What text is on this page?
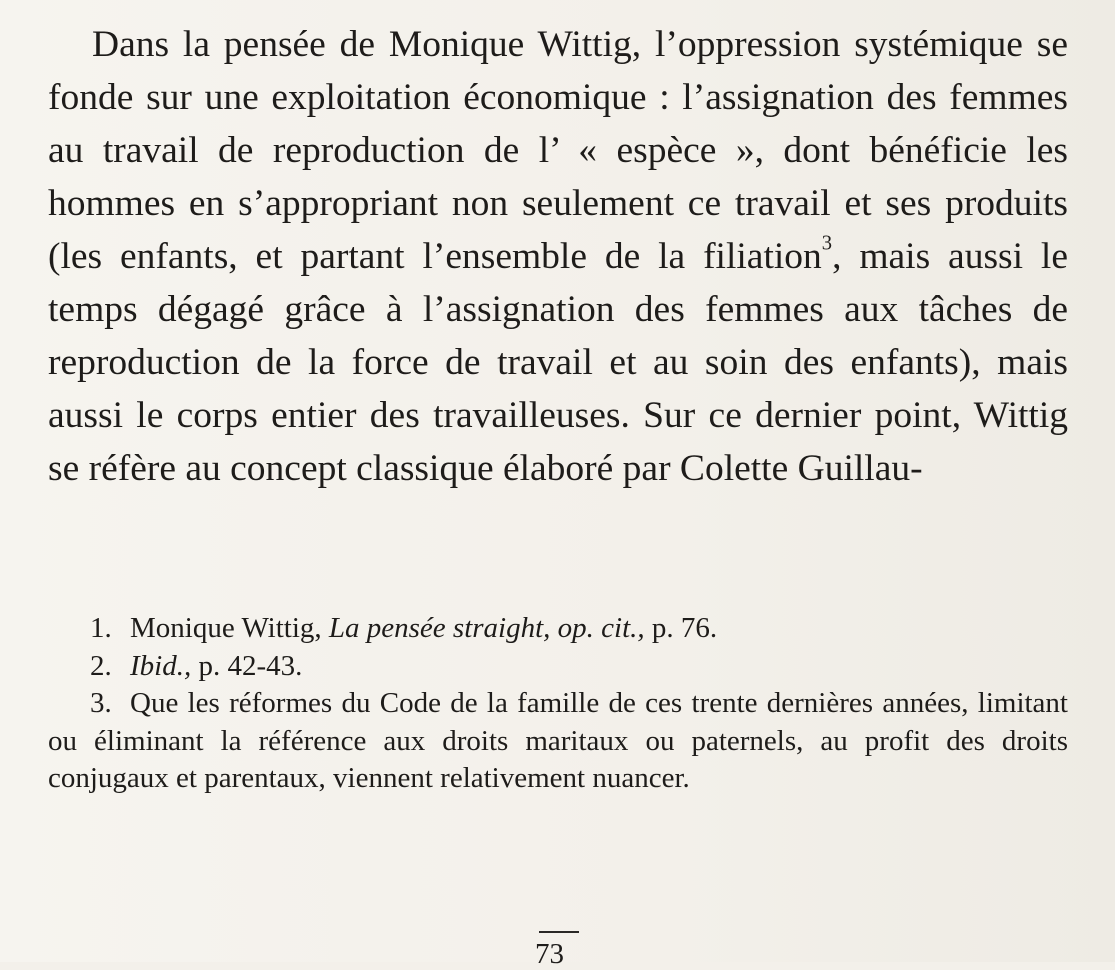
Dans la pensée de Monique Wittig, l’oppression systémique se fonde sur une exploitation économique : l’assignation des femmes au travail de reproduction de l’ « espèce », dont bénéficie les hommes en s’appropriant non seulement ce travail et ses produits (les enfants, et partant l’ensemble de la filiation$^3$, mais aussi le temps dégagé grâce à l’assignation des femmes aux tâches de reproduction de la force de travail et au soin des enfants), mais aussi le corps entier des travailleuses. Sur ce dernier point, Wittig se réfère au concept classique élaboré par Colette Guillau-

1. Monique Wittig, La pensée straight, op. cit., p. 76.

2. Ibid., p. 42-43.

3. Que les réformes du Code de la famille de ces trente dernières années, limitant ou éliminant la référence aux droits maritaux ou paternels, au profit des droits conjugaux et parentaux, viennent relativement nuancer.

73
